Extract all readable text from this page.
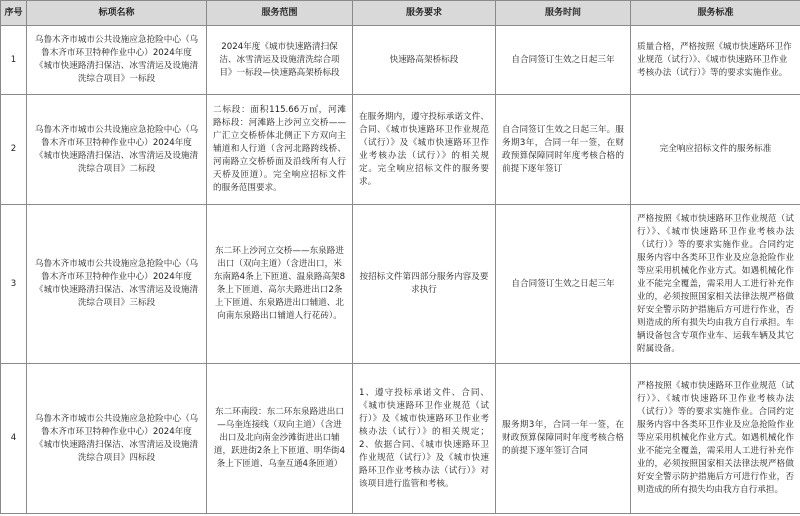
序号	标项名称	服务范围	服务要求	服务时间	服务标准
1	乌鲁木齐市城市公共设施应急抢险中心（乌鲁木齐市环卫特种作业中心）2024年度《城市快速路清扫保洁、冰雪清运及设施清洗综合项目》一标段	2024年度《城市快速路清扫保洁、冰雪清运及设施清洗综合项目》一标段—快速路高架桥标段	快速路高架桥标段	自合同签订生效之日起三年	质量合格，严格按照《城市快速路环卫作业规范（试行）》、《城市快速路环卫作业考核办法（试行）》等的要求实施作业。
2	乌鲁木齐市城市公共设施应急抢险中心（乌鲁木齐市环卫特种作业中心）2024年度《城市快速路清扫保洁、冰雪清运及设施清洗综合项目》二标段	二标段：面积115.66万㎡，河滩路标段：河滩路上沙河立交桥——广汇立交桥桥体北侧正下方双向主辅道和人行道（含河北路跨线桥、河南路立交桥桥面及沿线所有人行天桥及匝道）。完全响应招标文件的服务范围要求。	在服务期内，遵守投标承诺文件、合同、《城市快速路环卫作业规范（试行）》及《城市快速路环卫作业考核办法（试行）》的相关规定。完全响应招标文件的服务要求。	自合同签订生效之日起三年。服务期3年，合同一年一签，在财政预算保障同时年度考核合格的前提下逐年签订	完全响应招标文件的服务标准
3	乌鲁木齐市城市公共设施应急抢险中心（乌鲁木齐市环卫特种作业中心）2024年度《城市快速路清扫保洁、冰雪清运及设施清洗综合项目》三标段	东二环上沙河立交桥——东泉路进出口（双向主道）（含进出口，米东南路4条上下匝道、温泉路高架8条上下匝道、高尔夫路进出口2条上下匝道、东泉路进出口辅道、北向南东泉路出口辅道人行花砖）。	按招标文件第四部分服务内容及要求执行	自合同签订生效之日起三年	严格按照《城市快速路环卫作业规范（试行）》、《城市快速路环卫作业考核办法（试行）》等的要求实施作业。合同约定服务内容中各类环卫作业及应急抢险作业等应采用机械化作业方式。如遇机械化作业不能完全覆盖，需采用人工进行补充作业的，必须按照国家相关法律法规严格做好安全警示防护措施后方可进行作业，否则造成的所有损失均由我方自行承担。车辆设备包含专项作业车、运载车辆及其它附属设备。
4	乌鲁木齐市城市公共设施应急抢险中心（乌鲁木齐市环卫特种作业中心）2024年度《城市快速路清扫保洁、冰雪清运及设施清洗综合项目》四标段	东二环南段：东二环东泉路进出口—乌奎连接线（双向主道）（含进出口及北向南金沙滩街进出口辅道，跃进街2条上下匝道、明华街4条上下匝道、乌奎互通4条匝道）	1、遵守投标承诺文件、合同、《城市快速路环卫作业规范（试行）》及《城市快速路环卫作业考核办法（试行）》的相关规定；2、依据合同、《城市快速路环卫作业规范（试行）》及《城市快速路环卫作业考核办法（试行）》对该项目进行监管和考核。	服务期3年，合同一年一签，在财政预算保障同时年度考核合格的前提下逐年签订合同	严格按照《城市快速路环卫作业规范（试行）》、《城市快速路环卫作业考核办法（试行）》等的要求实施作业。合同约定服务内容中各类环卫作业及应急抢险作业等应采用机械化作业方式。如遇机械化作业不能完全覆盖，需采用人工进行补充作业的，必须按照国家相关法律法规严格做好安全警示防护措施后方可进行作业，否则造成的所有损失均由我方自行承担。
